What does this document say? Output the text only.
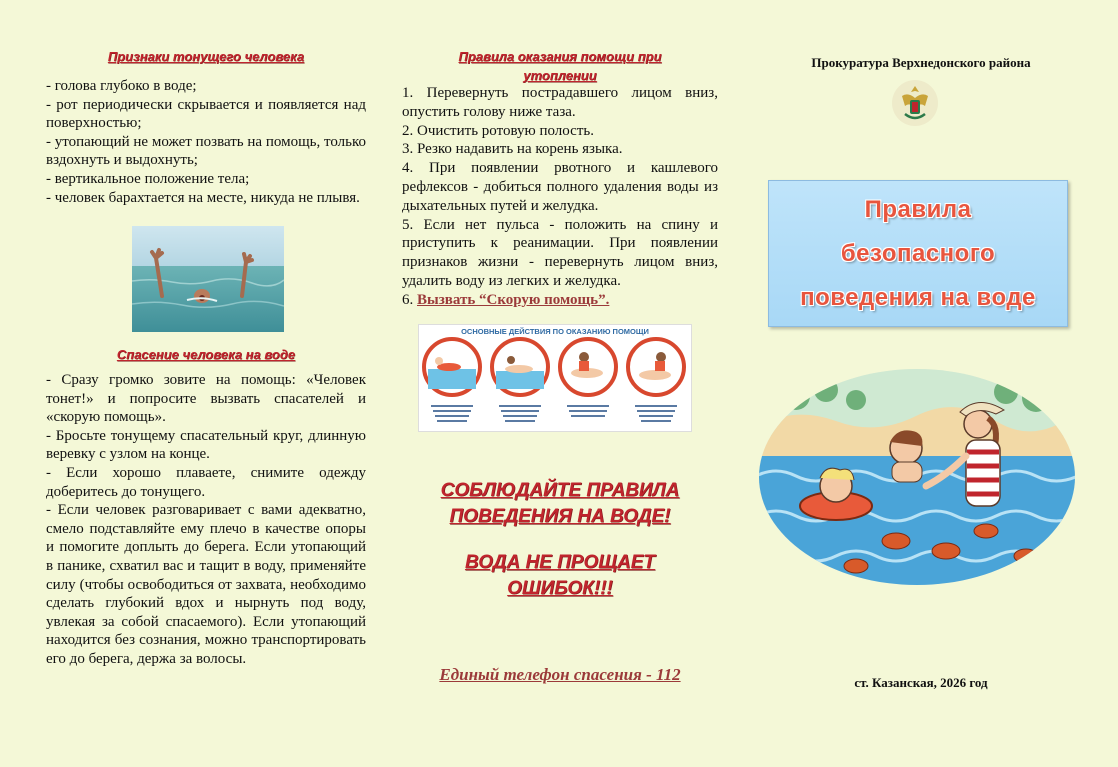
Признаки тонущего человека

- голова глубоко в воде;

- рот периодически скрывается и появляется над поверхностью;

- утопающий не может позвать на помощь, только вздохнуть и выдохнуть;

- вертикальное положение тела;

- человек барахтается на месте, никуда не плывя.

Спасение человека на воде

- Сразу громко зовите на помощь: «Человек тонет!» и попросите вызвать спасателей и «скорую помощь».

- Бросьте тонущему спасательный круг, длинную веревку с узлом на конце.

- Если хорошо плаваете, снимите одежду доберитесь до тонущего.

- Если человек разговаривает с вами адекватно, смело подставляйте ему плечо в качестве опоры и помогите доплыть до берега. Если утопающий в панике, схватил вас и тащит в воду, применяйте силу (чтобы освободиться от захвата, необходимо сделать глубокий вдох и нырнуть под воду, увлекая за собой спасаемого). Если утопающий находится без сознания, можно транспортировать его до берега, держа за волосы.

Правила оказания помощи при
утоплении

1. Перевернуть пострадавшего лицом вниз, опустить голову ниже таза.

2. Очистить ротовую полость.

3. Резко надавить на корень языка.

4. При появлении рвотного и кашлевого рефлексов - добиться полного удаления воды из дыхательных путей и желудка.

5. Если нет пульса - положить на спину и приступить к реанимации. При появлении признаков жизни - перевернуть лицом вниз, удалить воду из легких и желудка.

6. Вызвать “Скорую помощь”.

ОСНОВНЫЕ ДЕЙСТВИЯ ПО ОКАЗАНИЮ ПОМОЩИ
СОБЛЮДАЙТЕ ПРАВИЛА
ПОВЕДЕНИЯ НА ВОДЕ!
ВОДА НЕ ПРОЩАЕТ
ОШИБОК!!!
Единый телефон спасения - 112
Прокуратура Верхнедонского района
Правила
безопасного
поведения на воде
ст. Казанская, 2026 год
